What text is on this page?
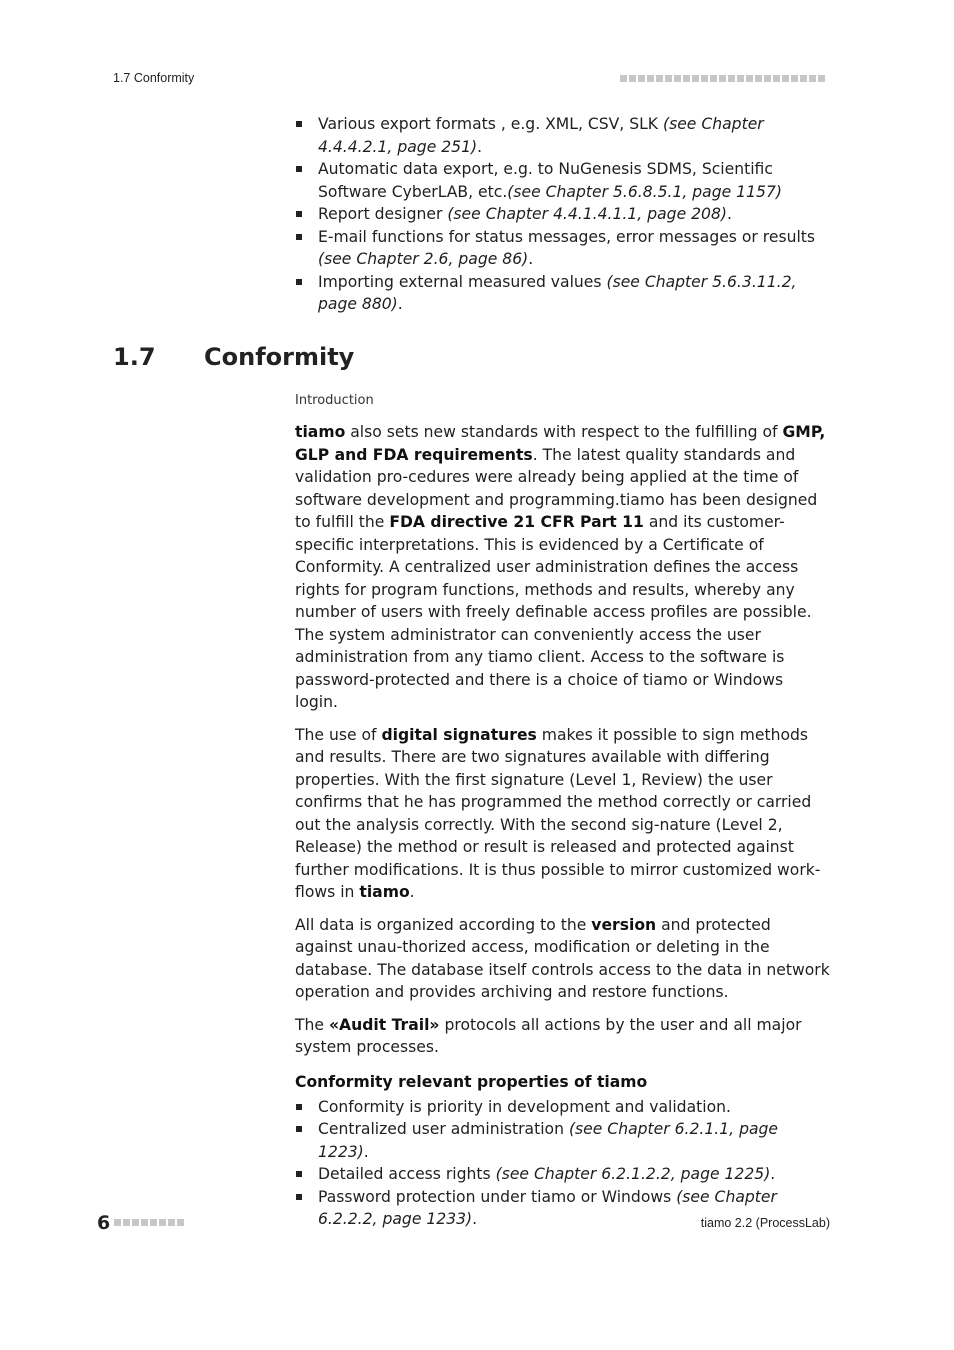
1.7 Conformity
Various export formats , e.g. XML, CSV, SLK (see Chapter 4.4.4.2.1, page 251).
Automatic data export, e.g. to NuGenesis SDMS, Scientific Software CyberLAB, etc.(see Chapter 5.6.8.5.1, page 1157)
Report designer (see Chapter 4.4.1.4.1.1, page 208).
E-mail functions for status messages, error messages or results (see Chapter 2.6, page 86).
Importing external measured values (see Chapter 5.6.3.11.2, page 880).
1.7 Conformity
Introduction

tiamo also sets new standards with respect to the fulfilling of GMP, GLP and FDA requirements. The latest quality standards and validation pro-cedures were already being applied at the time of software development and programming.tiamo has been designed to fulfill the FDA directive 21 CFR Part 11 and its customer-specific interpretations. This is evidenced by a Certificate of Conformity. A centralized user administration defines the access rights for program functions, methods and results, whereby any number of users with freely definable access profiles are possible. The system administrator can conveniently access the user administration from any tiamo client. Access to the software is password-protected and there is a choice of tiamo or Windows login.

The use of digital signatures makes it possible to sign methods and results. There are two signatures available with differing properties. With the first signature (Level 1, Review) the user confirms that he has programmed the method correctly or carried out the analysis correctly. With the second sig-nature (Level 2, Release) the method or result is released and protected against further modifications. It is thus possible to mirror customized work-flows in tiamo.

All data is organized according to the version and protected against unau-thorized access, modification or deleting in the database. The database itself controls access to the data in network operation and provides archiving and restore functions.

The «Audit Trail» protocols all actions by the user and all major system processes.

Conformity relevant properties of tiamo
Conformity is priority in development and validation.
Centralized user administration (see Chapter 6.2.1.1, page 1223).
Detailed access rights (see Chapter 6.2.1.2.2, page 1225).
Password protection under tiamo or Windows (see Chapter 6.2.2.2, page 1233).
6	tiamo 2.2 (ProcessLab)
